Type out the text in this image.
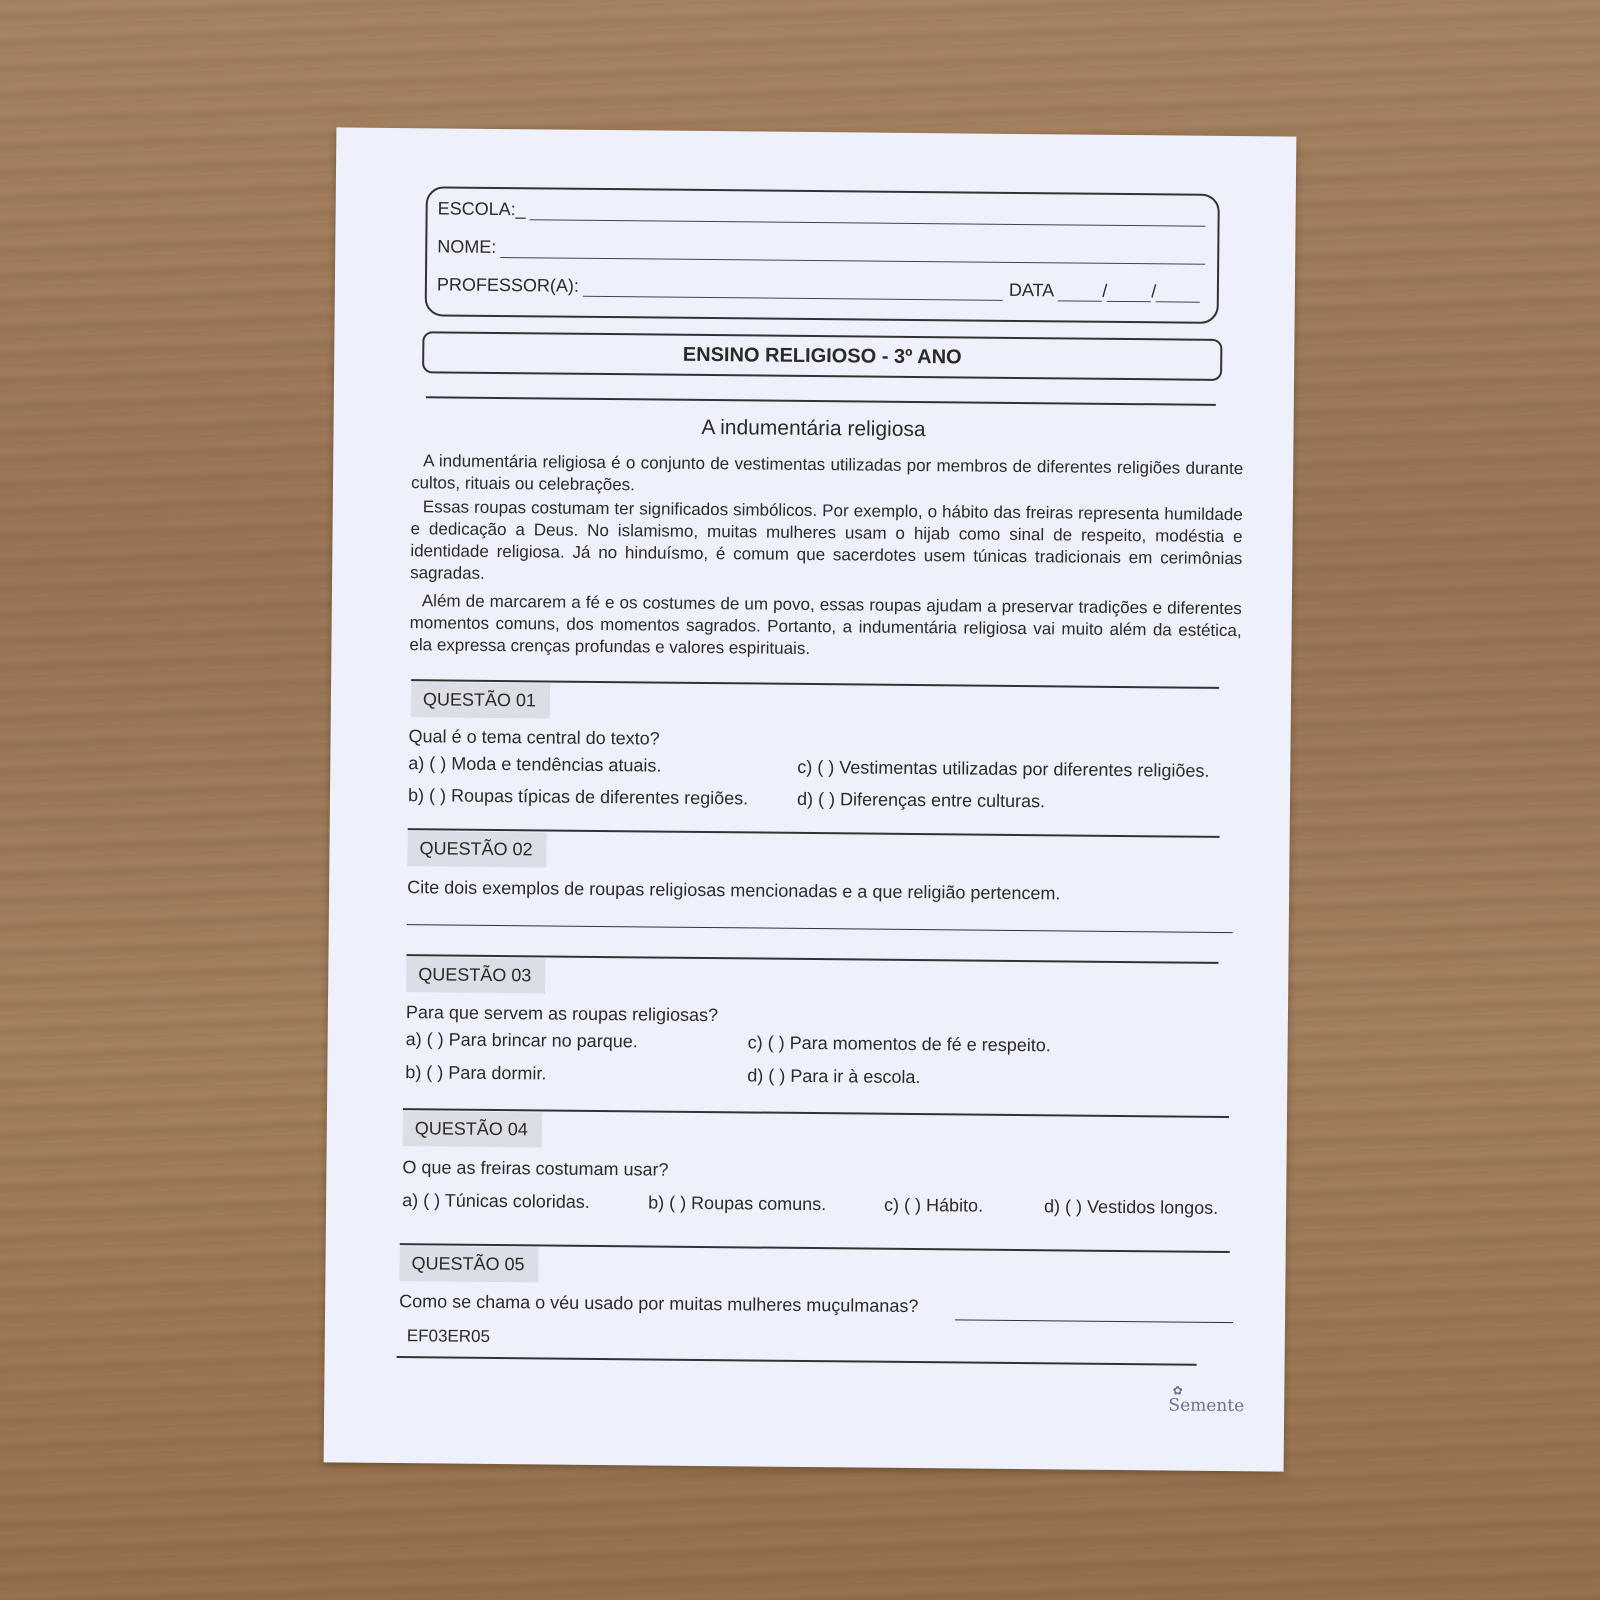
ESCOLA:_
NOME:
PROFESSOR(A):	DATA	/ /
ENSINO RELIGIOSO - 3º ANO
A indumentária religiosa

A indumentária religiosa é o conjunto de vestimentas utilizadas por membros de diferentes religiões durante cultos, rituais ou celebrações.

Essas roupas costumam ter significados simbólicos. Por exemplo, o hábito das freiras representa humildade e dedicação a Deus. No islamismo, muitas mulheres usam o hijab como sinal de respeito, modéstia e identidade religiosa. Já no hinduísmo, é comum que sacerdotes usem túnicas tradicionais em cerimônias sagradas.

Além de marcarem a fé e os costumes de um povo, essas roupas ajudam a preservar tradições e diferentes momentos comuns, dos momentos sagrados. Portanto, a indumentária religiosa vai muito além da estética, ela expressa crenças profundas e valores espirituais.

QUESTÃO 01
Qual é o tema central do texto?
a) ( ) Moda e tendências atuais.	c) ( ) Vestimentas utilizadas por diferentes religiões.
b) ( ) Roupas típicas de diferentes regiões.	d) ( ) Diferenças entre culturas.
QUESTÃO 02
Cite dois exemplos de roupas religiosas mencionadas e a que religião pertencem.
QUESTÃO 03
Para que servem as roupas religiosas?
a) ( ) Para brincar no parque.	c) ( ) Para momentos de fé e respeito.
b) ( ) Para dormir.	d) ( ) Para ir à escola.
QUESTÃO 04
O que as freiras costumam usar?
a) ( ) Túnicas coloridas.	b) ( ) Roupas comuns.	c) ( ) Hábito.	d) ( ) Vestidos longos.
QUESTÃO 05
Como se chama o véu usado por muitas mulheres muçulmanas?
EF03ER05
✿
Semente
